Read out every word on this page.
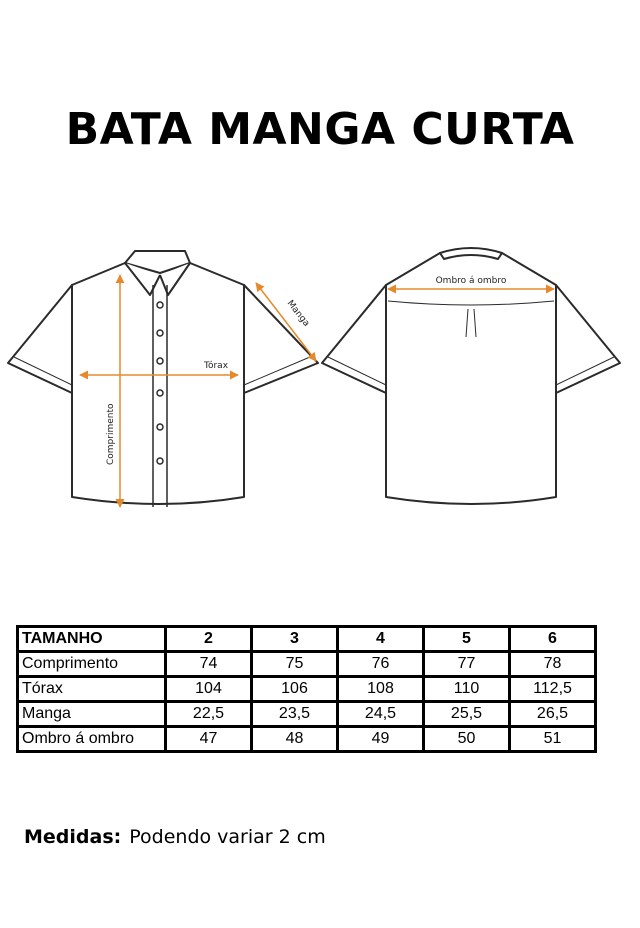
BATA MANGA CURTA
Comprimento
Tórax
Manga
Ombro á ombro
TAMANHO	2	3	4	5	6
Comprimento	74	75	76	77	78
Tórax	104	106	108	110	112,5
Manga	22,5	23,5	24,5	25,5	26,5
Ombro á ombro	47	48	49	50	51
Medidas: Podendo variar 2 cm
